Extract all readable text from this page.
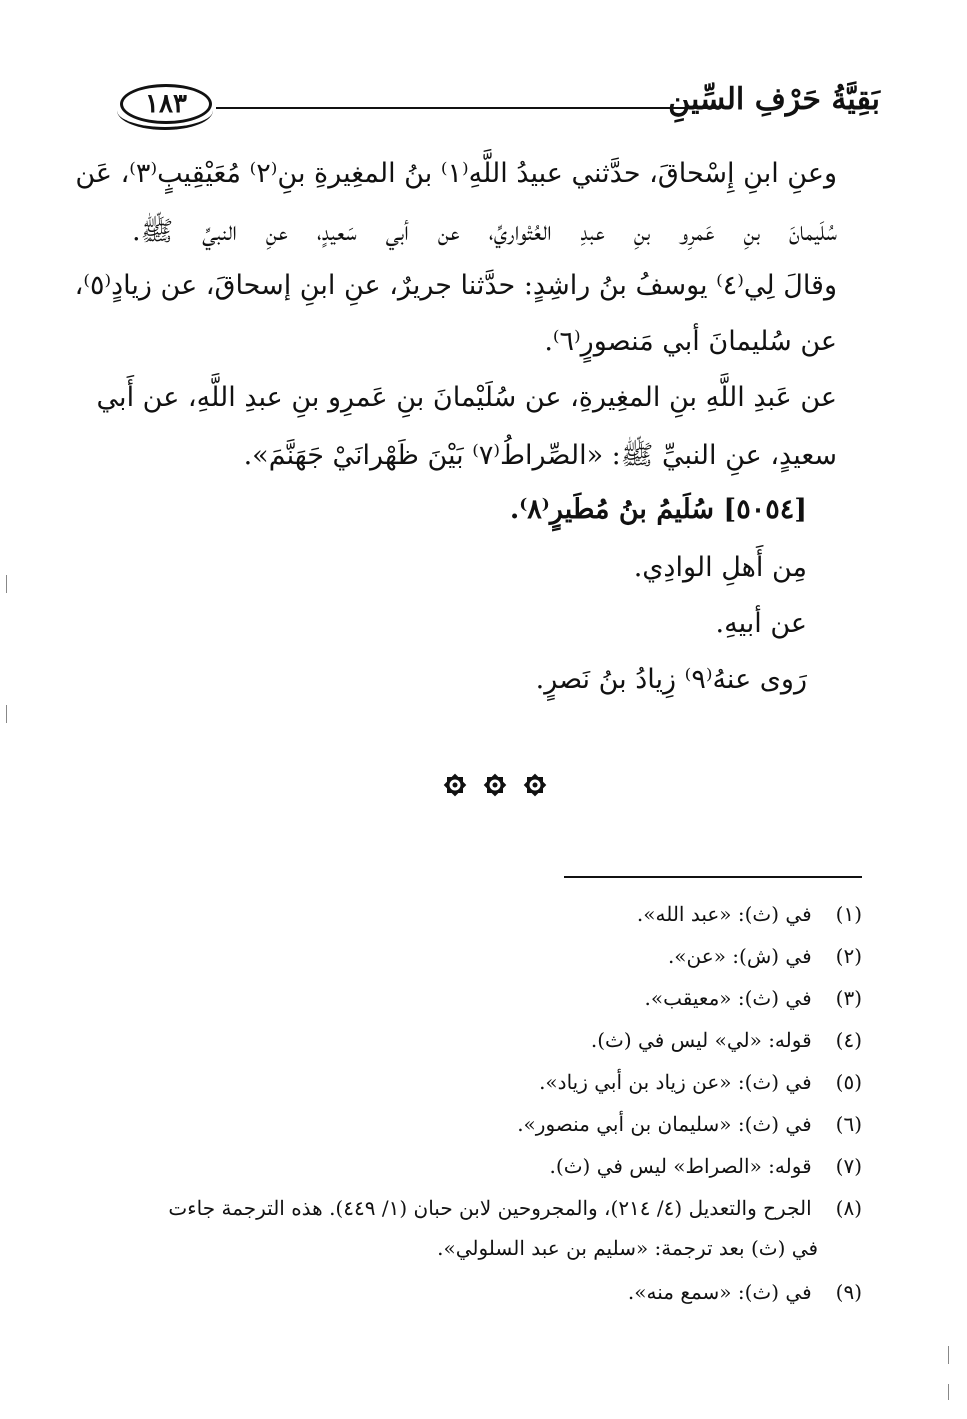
١٨٣	بَقِيَّةُ حَرْفِ السِّينِ
وعنِ ابنِ إِسْحاقَ، حدَّثني عبيدُ اللَّهِ⁽١⁾ بنُ المغِيرةِ بنِ⁽٢⁾ مُعَيْقِيبٍ⁽٣⁾، عَن
سُلَيمانَ بنِ عَمرِو بنِ عبدِ العُتْواريِّ، عن أبي سَعيدٍ، عنِ النبيِّ ﷺ.
وقالَ لِي⁽٤⁾ يوسفُ بنُ راشِدٍ: حدَّثنا جريرٌ، عنِ ابنِ إسحاقَ، عن زيادٍ⁽٥⁾،
عن سُليمانَ أبي مَنصورٍ⁽٦⁾.
عن عَبدِ اللَّهِ بنِ المغِيرةِ، عن سُلَيْمانَ بنِ عَمرِو بنِ عبدِ اللَّهِ، عن أَبي
سعيدٍ، عنِ النبيِّ ﷺ: «الصِّراطُ⁽٧⁾ بَيْنَ ظَهْرانَيْ جَهَنَّمَ».
[٥٠٥٤] سُلَيمُ بنُ مُطَيرٍ⁽٨⁾.
مِن أَهلِ الوادِي.
عن أبيهِ.
رَوى عنهُ⁽٩⁾ زِيادُ بنُ نَصرٍ.
(١) في (ث): «عبد الله».
(٢) في (ش): «عن».
(٣) في (ث): «معيقب».
(٤) قوله: «لي» ليس في (ث).
(٥) في (ث): «عن زياد بن أبي زياد».
(٦) في (ث): «سليمان بن أبي منصور».
(٧) قوله: «الصراط» ليس في (ث).
(٨) الجرح والتعديل (٤/ ٢١٤)، والمجروحين لابن حبان (١/ ٤٤٩). هذه الترجمة جاءت
في (ث) بعد ترجمة: «سليم بن عبد السلولي».
(٩) في (ث): «سمع منه».
